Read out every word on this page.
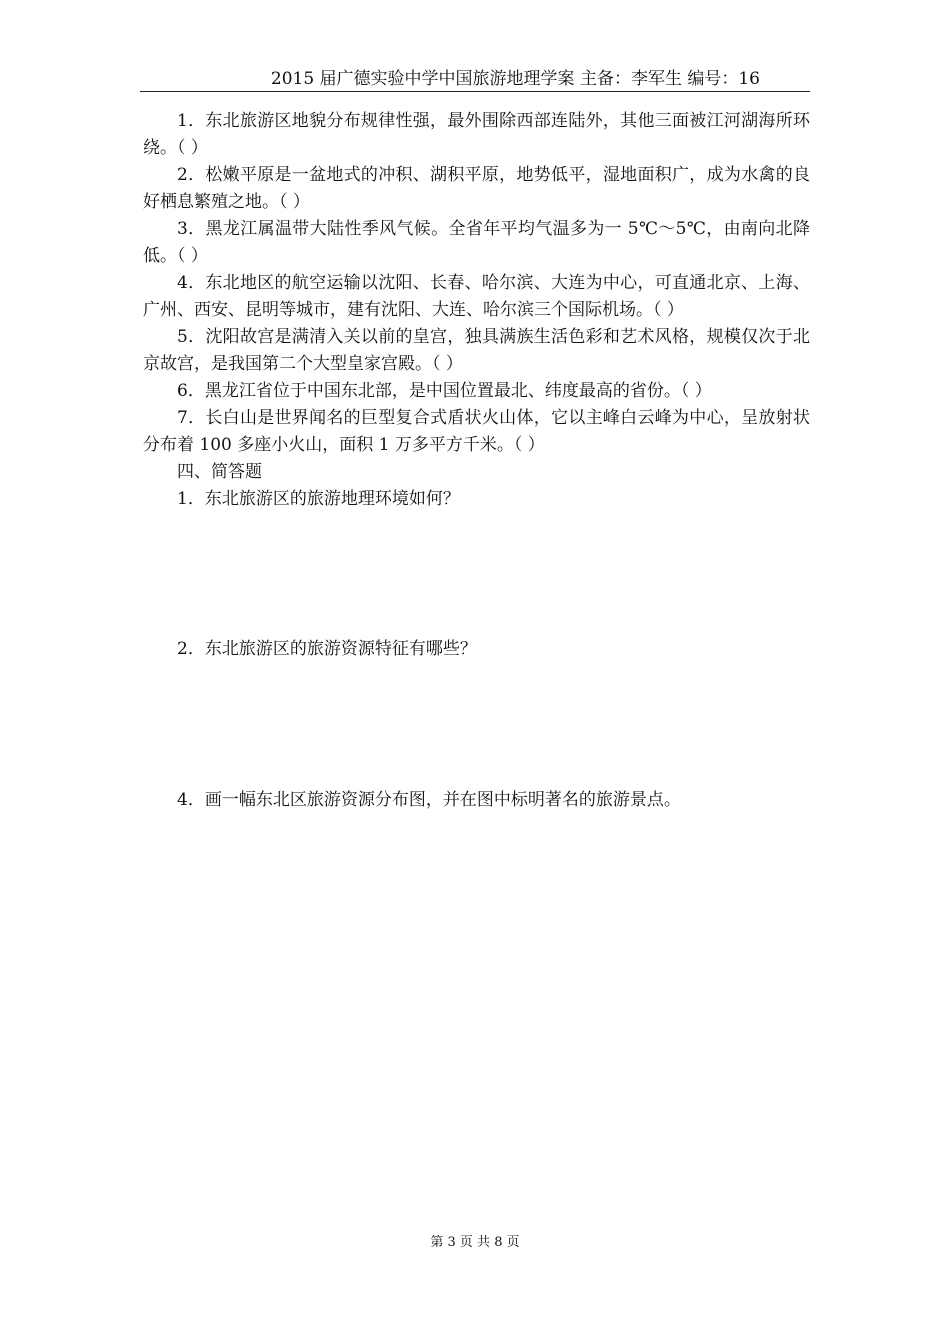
2015 届广德实验中学中国旅游地理学案 主备：李军生 编号：16

1．东北旅游区地貌分布规律性强，最外围除西部连陆外，其他三面被江河湖海所环绕。（ ）

2．松嫩平原是一盆地式的冲积、湖积平原，地势低平，湿地面积广，成为水禽的良好栖息繁殖之地。（ ）

3．黑龙江属温带大陆性季风气候。全省年平均气温多为一 5℃～5℃，由南向北降低。（ ）

4．东北地区的航空运输以沈阳、长春、哈尔滨、大连为中心，可直通北京、上海、广州、西安、昆明等城市，建有沈阳、大连、哈尔滨三个国际机场。（ ）

5．沈阳故宫是满清入关以前的皇宫，独具满族生活色彩和艺术风格，规模仅次于北京故宫，是我国第二个大型皇家宫殿。（ ）

6．黑龙江省位于中国东北部，是中国位置最北、纬度最高的省份。（ ）

7．长白山是世界闻名的巨型复合式盾状火山体，它以主峰白云峰为中心，呈放射状分布着 100 多座小火山，面积 1 万多平方千米。（ ）

四、简答题

1．东北旅游区的旅游地理环境如何？

2．东北旅游区的旅游资源特征有哪些？
4．画一幅东北区旅游资源分布图，并在图中标明著名的旅游景点。
第 3 页 共 8 页
